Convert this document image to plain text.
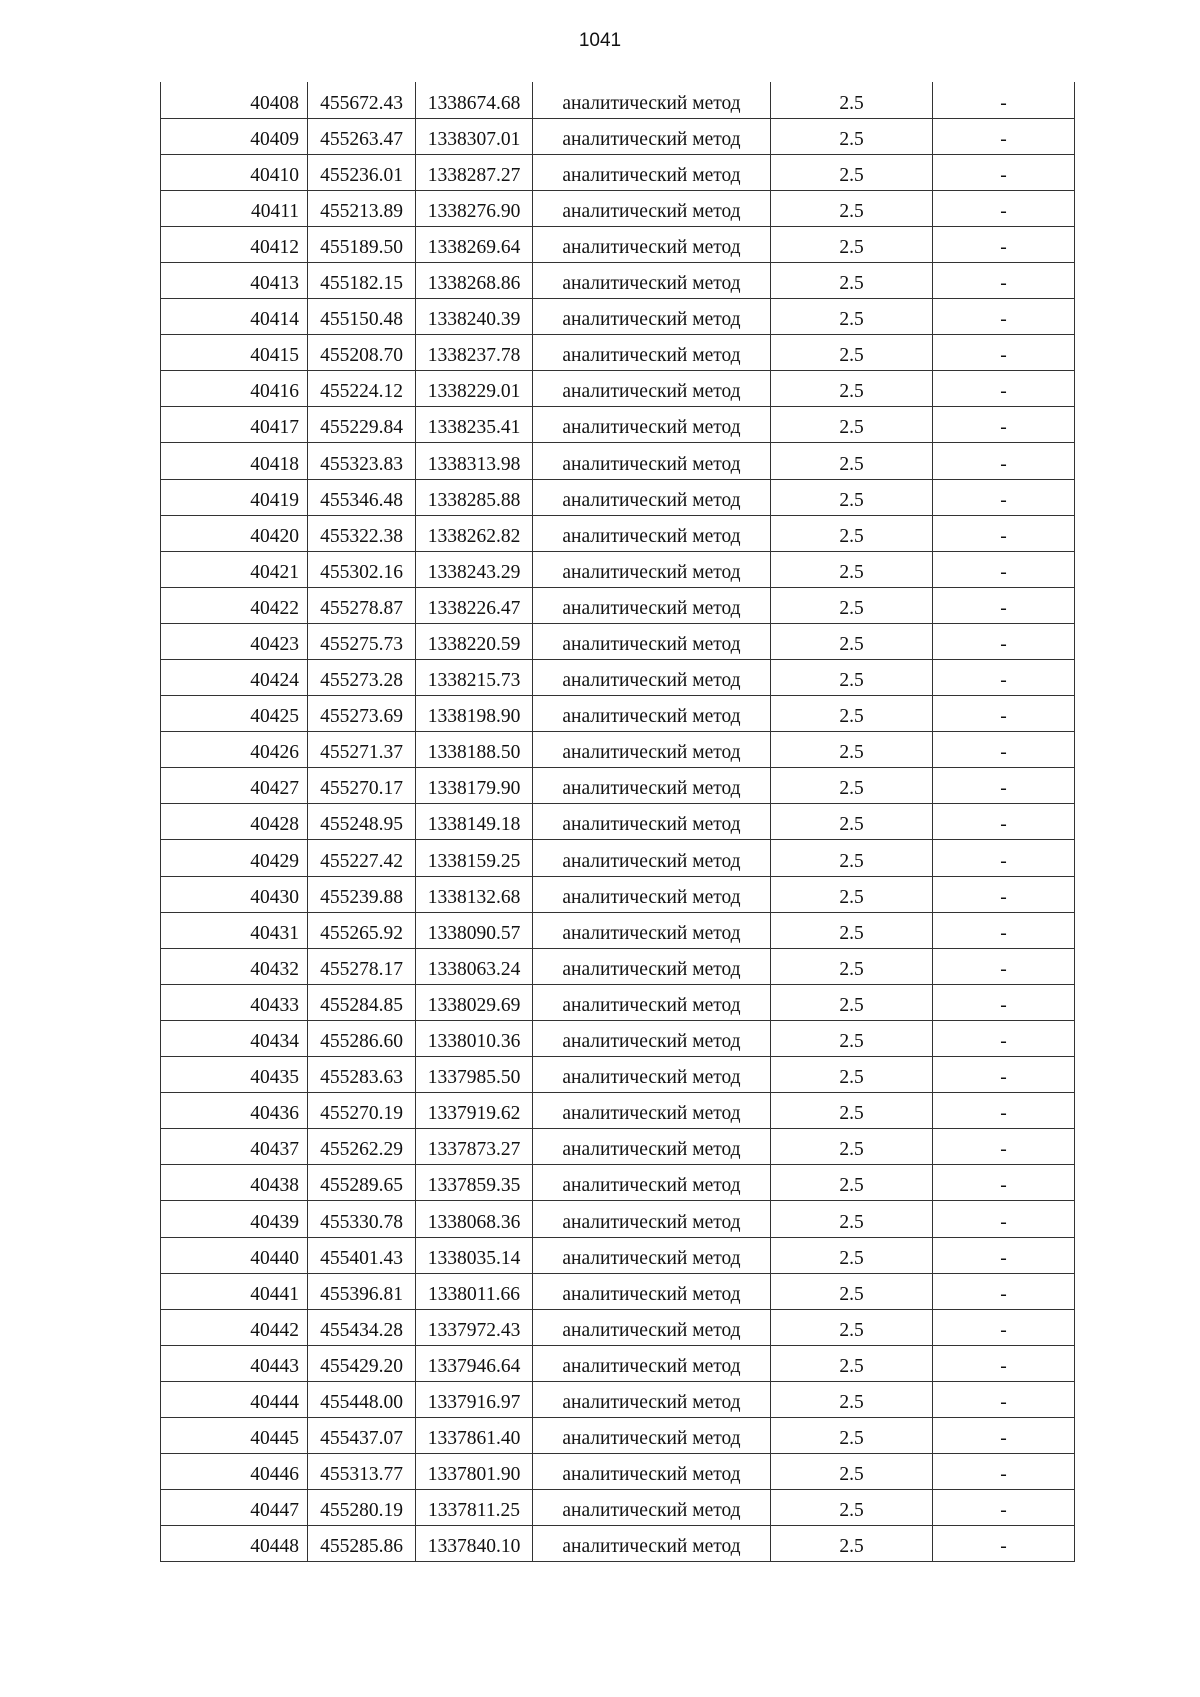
1041
40408	455672.43	1338674.68	аналитический метод	2.5	-
40409	455263.47	1338307.01	аналитический метод	2.5	-
40410	455236.01	1338287.27	аналитический метод	2.5	-
40411	455213.89	1338276.90	аналитический метод	2.5	-
40412	455189.50	1338269.64	аналитический метод	2.5	-
40413	455182.15	1338268.86	аналитический метод	2.5	-
40414	455150.48	1338240.39	аналитический метод	2.5	-
40415	455208.70	1338237.78	аналитический метод	2.5	-
40416	455224.12	1338229.01	аналитический метод	2.5	-
40417	455229.84	1338235.41	аналитический метод	2.5	-
40418	455323.83	1338313.98	аналитический метод	2.5	-
40419	455346.48	1338285.88	аналитический метод	2.5	-
40420	455322.38	1338262.82	аналитический метод	2.5	-
40421	455302.16	1338243.29	аналитический метод	2.5	-
40422	455278.87	1338226.47	аналитический метод	2.5	-
40423	455275.73	1338220.59	аналитический метод	2.5	-
40424	455273.28	1338215.73	аналитический метод	2.5	-
40425	455273.69	1338198.90	аналитический метод	2.5	-
40426	455271.37	1338188.50	аналитический метод	2.5	-
40427	455270.17	1338179.90	аналитический метод	2.5	-
40428	455248.95	1338149.18	аналитический метод	2.5	-
40429	455227.42	1338159.25	аналитический метод	2.5	-
40430	455239.88	1338132.68	аналитический метод	2.5	-
40431	455265.92	1338090.57	аналитический метод	2.5	-
40432	455278.17	1338063.24	аналитический метод	2.5	-
40433	455284.85	1338029.69	аналитический метод	2.5	-
40434	455286.60	1338010.36	аналитический метод	2.5	-
40435	455283.63	1337985.50	аналитический метод	2.5	-
40436	455270.19	1337919.62	аналитический метод	2.5	-
40437	455262.29	1337873.27	аналитический метод	2.5	-
40438	455289.65	1337859.35	аналитический метод	2.5	-
40439	455330.78	1338068.36	аналитический метод	2.5	-
40440	455401.43	1338035.14	аналитический метод	2.5	-
40441	455396.81	1338011.66	аналитический метод	2.5	-
40442	455434.28	1337972.43	аналитический метод	2.5	-
40443	455429.20	1337946.64	аналитический метод	2.5	-
40444	455448.00	1337916.97	аналитический метод	2.5	-
40445	455437.07	1337861.40	аналитический метод	2.5	-
40446	455313.77	1337801.90	аналитический метод	2.5	-
40447	455280.19	1337811.25	аналитический метод	2.5	-
40448	455285.86	1337840.10	аналитический метод	2.5	-
